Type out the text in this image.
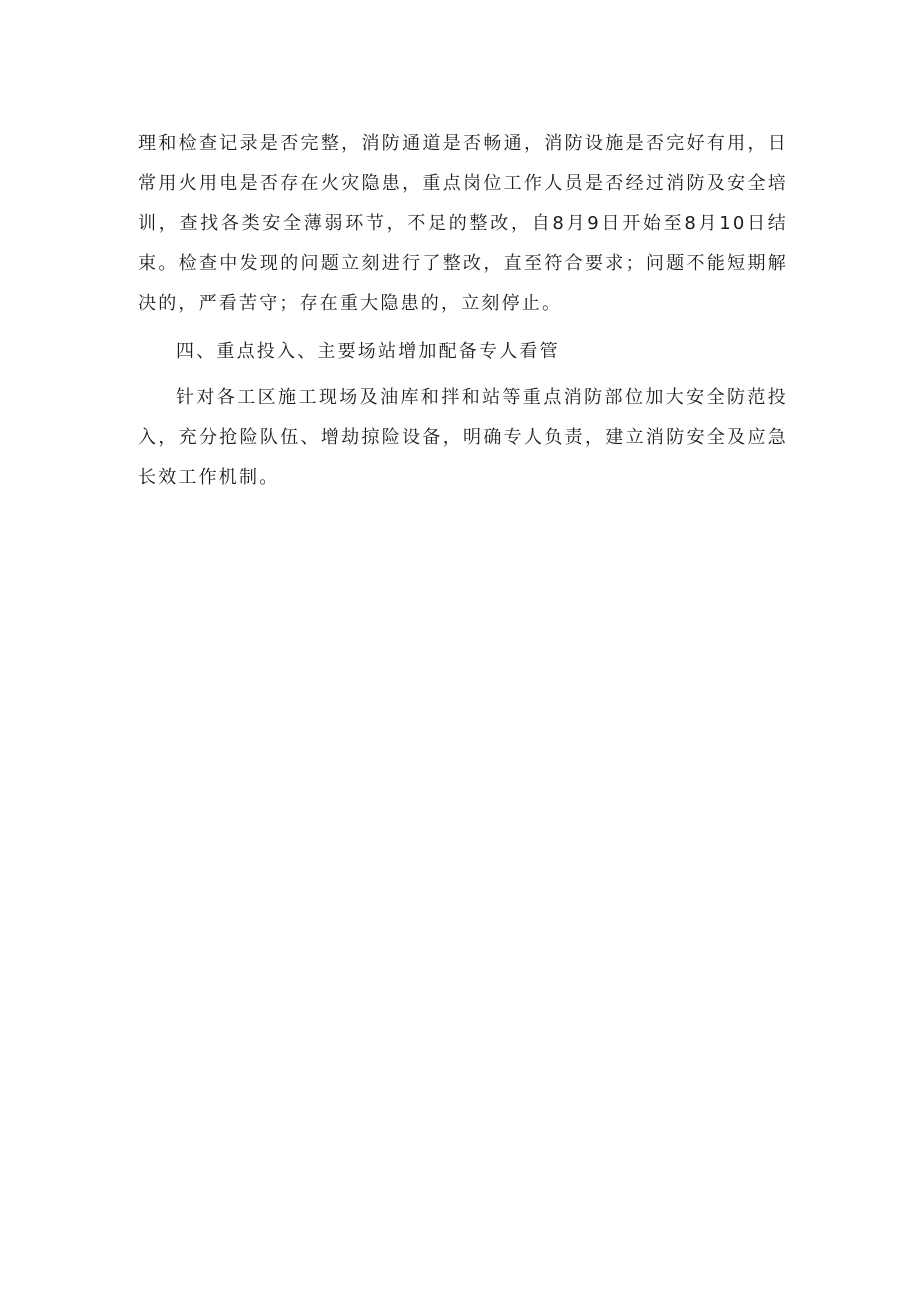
理和检查记录是否完整，消防通道是否畅通，消防设施是否完好有用，日
常用火用电是否存在火灾隐患，重点岗位工作人员是否经过消防及安全培
训，查找各类安全薄弱环节，不足的整改，自8月9日开始至8月10日结
束。检查中发现的问题立刻进行了整改，直至符合要求；问题不能短期解
决的，严看苦守；存在重大隐患的，立刻停止。
四、重点投入、主要场站增加配备专人看管
针对各工区施工现场及油库和拌和站等重点消防部位加大安全防范投
入，充分抢险队伍、增劫掠险设备，明确专人负责，建立消防安全及应急
长效工作机制。
